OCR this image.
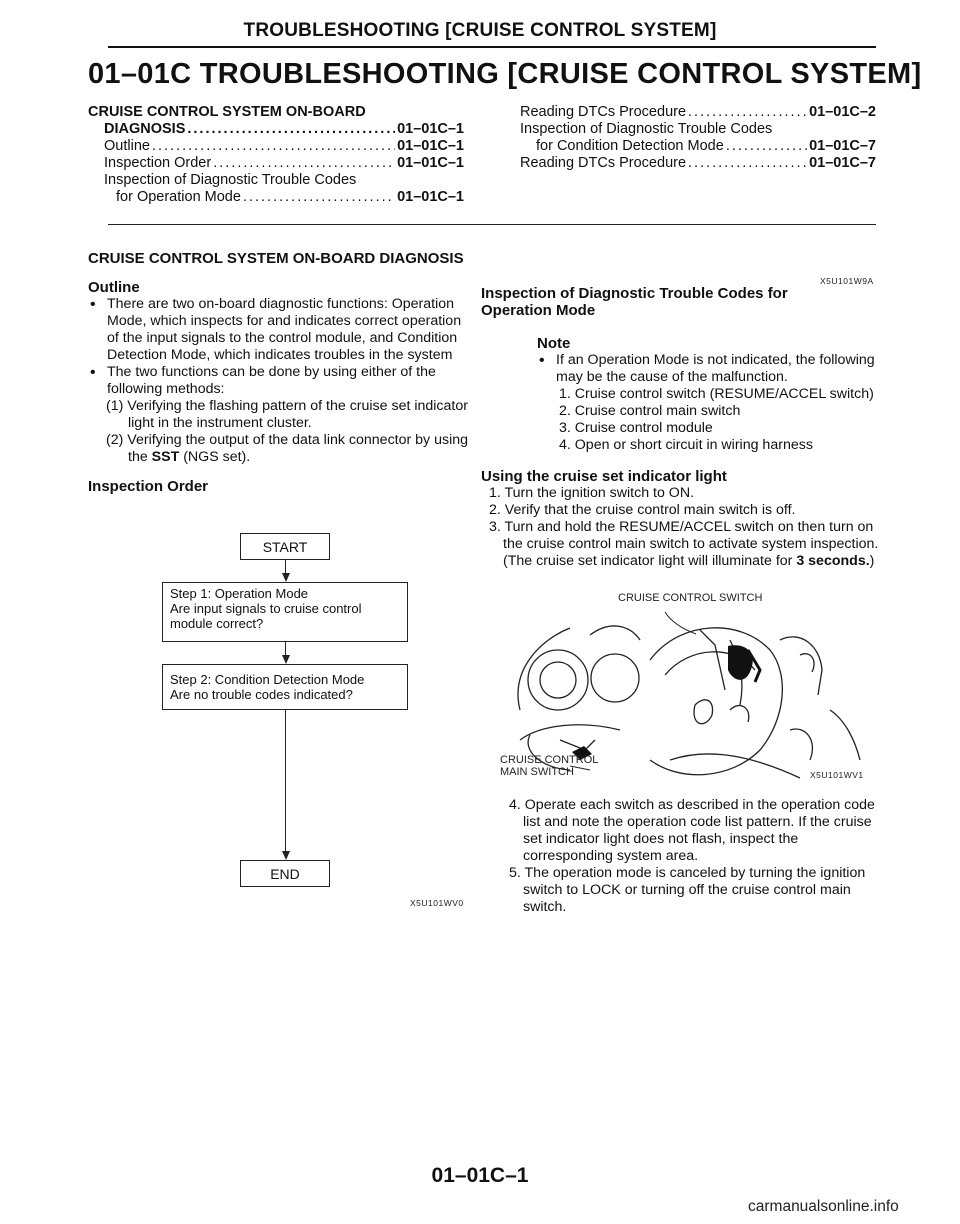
TROUBLESHOOTING [CRUISE CONTROL SYSTEM]
01–01C TROUBLESHOOTING [CRUISE CONTROL SYSTEM]
CRUISE CONTROL SYSTEM ON-BOARD
DIAGNOSIS .....	01–01C–1
Outline .....	01–01C–1
Inspection Order .....	01–01C–1
Inspection of Diagnostic Trouble Codes
for Operation Mode .....	01–01C–1
Reading DTCs Procedure .....	01–01C–2
Inspection of Diagnostic Trouble Codes
for Condition Detection Mode .....	01–01C–7
Reading DTCs Procedure .....	01–01C–7
CRUISE CONTROL SYSTEM ON-BOARD DIAGNOSIS
Outline
• There are two on-board diagnostic functions: Operation Mode, which inspects for and indicates correct operation of the input signals to the control module, and Condition Detection Mode, which indicates troubles in the system
• The two functions can be done by using either of the following methods:
(1) Verifying the flashing pattern of the cruise set indicator light in the instrument cluster.
(2) Verifying the output of the data link connector by using the SST (NGS set).
Inspection Order
START
Step 1: Operation Mode
Are input signals to cruise control
module correct?
Step 2: Condition Detection Mode
Are no trouble codes indicated?
END
X5U101WV0
X5U101W9A
Inspection of Diagnostic Trouble Codes for
Operation Mode
Note
• If an Operation Mode is not indicated, the following may be the cause of the malfunction.
1. Cruise control switch (RESUME/ACCEL switch)
2. Cruise control main switch
3. Cruise control module
4. Open or short circuit in wiring harness
Using the cruise set indicator light
1. Turn the ignition switch to ON.
2. Verify that the cruise control main switch is off.
3. Turn and hold the RESUME/ACCEL switch on then turn on the cruise control main switch to activate system inspection. (The cruise set indicator light will illuminate for 3 seconds.)
CRUISE CONTROL SWITCH
CRUISE CONTROL
MAIN SWITCH	X5U101WV1
4. Operate each switch as described in the operation code list and note the operation code list pattern. If the cruise set indicator light does not flash, inspect the corresponding system area.
5. The operation mode is canceled by turning the ignition switch to LOCK or turning off the cruise control main switch.
01–01C–1
carmanualsonline.info
